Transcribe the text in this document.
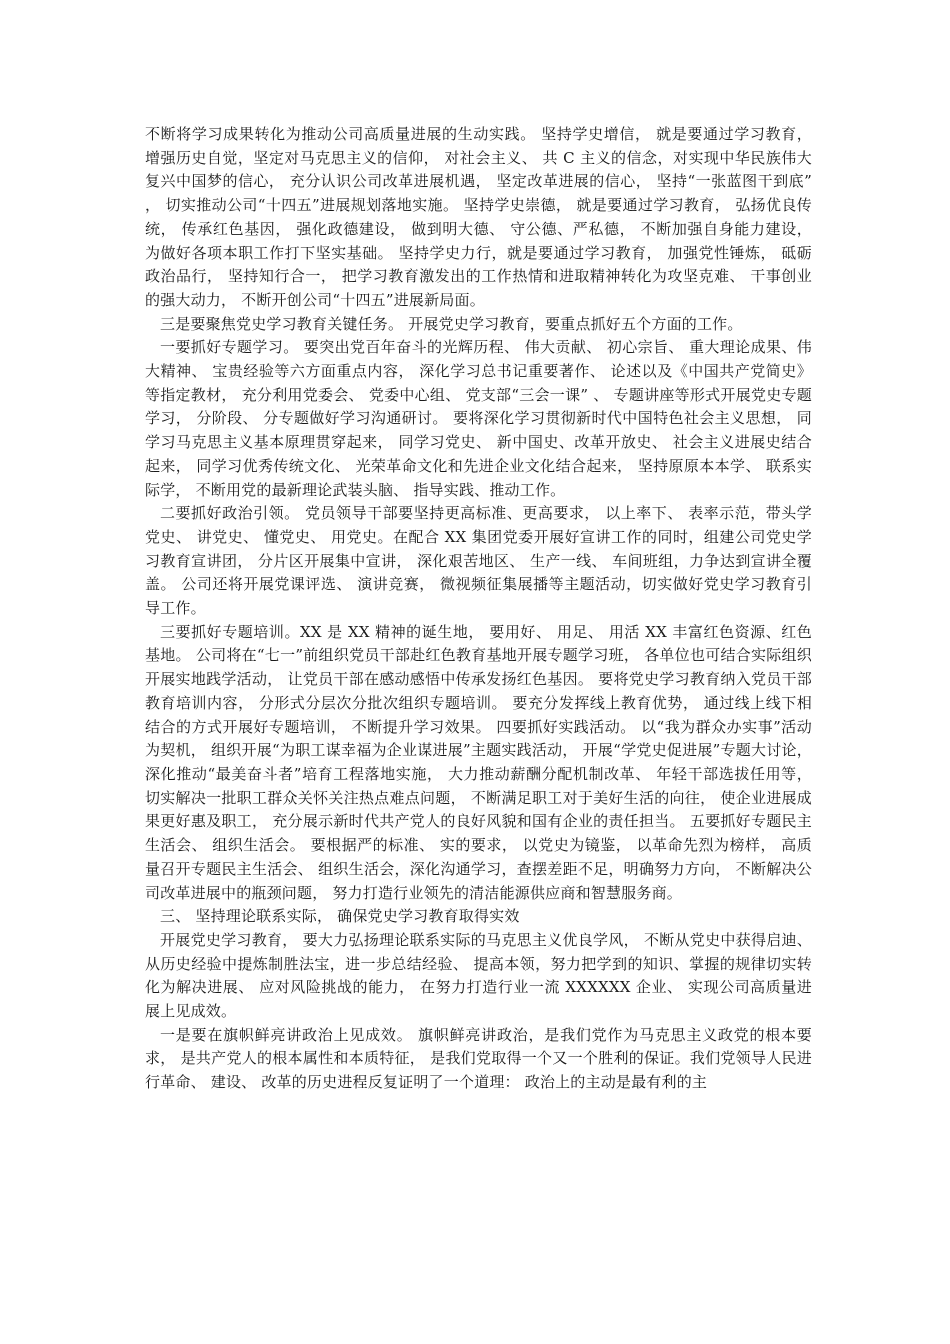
不断将学习成果转化为推动公司高质量进展的生动实践。 坚持学史增信， 就是要通过学习教育， 增强历史自觉，坚定对马克思主义的信仰， 对社会主义、 共 C 主义的信念，对实现中华民族伟大复兴中国梦的信心， 充分认识公司改革进展机遇， 坚定改革进展的信心， 坚持“一张蓝图干到底” ， 切实推动公司“十四五”进展规划落地实施。 坚持学史崇德， 就是要通过学习教育， 弘扬优良传统， 传承红色基因， 强化政德建设， 做到明大德、 守公德、严私德， 不断加强自身能力建设， 为做好各项本职工作打下坚实基础。 坚持学史力行，就是要通过学习教育， 加强党性锤炼， 砥砺政治品行， 坚持知行合一， 把学习教育激发出的工作热情和进取精神转化为攻坚克难、 干事创业的强大动力， 不断开创公司“十四五”进展新局面。

三是要聚焦党史学习教育关键任务。 开展党史学习教育，要重点抓好五个方面的工作。

一要抓好专题学习。 要突出党百年奋斗的光辉历程、 伟大贡献、 初心宗旨、 重大理论成果、伟大精神、 宝贵经验等六方面重点内容， 深化学习总书记重要著作、 论述以及《中国共产党简史》 等指定教材， 充分利用党委会、 党委中心组、 党支部“三会一课” 、 专题讲座等形式开展党史专题学习， 分阶段、 分专题做好学习沟通研讨。 要将深化学习贯彻新时代中国特色社会主义思想， 同学习马克思主义基本原理贯穿起来， 同学习党史、 新中国史、改革开放史、 社会主义进展史结合起来， 同学习优秀传统文化、 光荣革命文化和先进企业文化结合起来， 坚持原原本本学、 联系实际学， 不断用党的最新理论武装头脑、 指导实践、推动工作。

二要抓好政治引领。 党员领导干部要坚持更高标准、更高要求， 以上率下、 表率示范，带头学党史、 讲党史、 懂党史、 用党史。在配合 XX 集团党委开展好宣讲工作的同时，组建公司党史学习教育宣讲团， 分片区开展集中宣讲， 深化艰苦地区、 生产一线、 车间班组，力争达到宣讲全覆盖。 公司还将开展党课评选、 演讲竞赛， 微视频征集展播等主题活动，切实做好党史学习教育引导工作。

三要抓好专题培训。XX 是 XX 精神的诞生地， 要用好、 用足、 用活 XX 丰富红色资源、红色基地。 公司将在“七一”前组织党员干部赴红色教育基地开展专题学习班， 各单位也可结合实际组织开展实地践学活动， 让党员干部在感动感悟中传承发扬红色基因。 要将党史学习教育纳入党员干部教育培训内容， 分形式分层次分批次组织专题培训。 要充分发挥线上教育优势， 通过线上线下相结合的方式开展好专题培训， 不断提升学习效果。 四要抓好实践活动。 以“我为群众办实事”活动为契机， 组织开展“为职工谋幸福为企业谋进展”主题实践活动， 开展“学党史促进展”专题大讨论， 深化推动“最美奋斗者”培育工程落地实施， 大力推动薪酬分配机制改革、 年轻干部选拔任用等， 切实解决一批职工群众关怀关注热点难点问题， 不断满足职工对于美好生活的向往， 使企业进展成果更好惠及职工， 充分展示新时代共产党人的良好风貌和国有企业的责任担当。 五要抓好专题民主生活会、 组织生活会。 要根据严的标准、 实的要求， 以党史为镜鉴， 以革命先烈为榜样， 高质量召开专题民主生活会、 组织生活会，深化沟通学习，查摆差距不足，明确努力方向， 不断解决公司改革进展中的瓶颈问题， 努力打造行业领先的清洁能源供应商和智慧服务商。

三、 坚持理论联系实际， 确保党史学习教育取得实效

开展党史学习教育， 要大力弘扬理论联系实际的马克思主义优良学风， 不断从党史中获得启迪、 从历史经验中提炼制胜法宝，进一步总结经验、 提高本领，努力把学到的知识、掌握的规律切实转化为解决进展、 应对风险挑战的能力， 在努力打造行业一流 XXXXXX 企业、 实现公司高质量进展上见成效。

一是要在旗帜鲜亮讲政治上见成效。 旗帜鲜亮讲政治，是我们党作为马克思主义政党的根本要求， 是共产党人的根本属性和本质特征， 是我们党取得一个又一个胜利的保证。我们党领导人民进行革命、 建设、 改革的历史进程反复证明了一个道理： 政治上的主动是最有利的主
